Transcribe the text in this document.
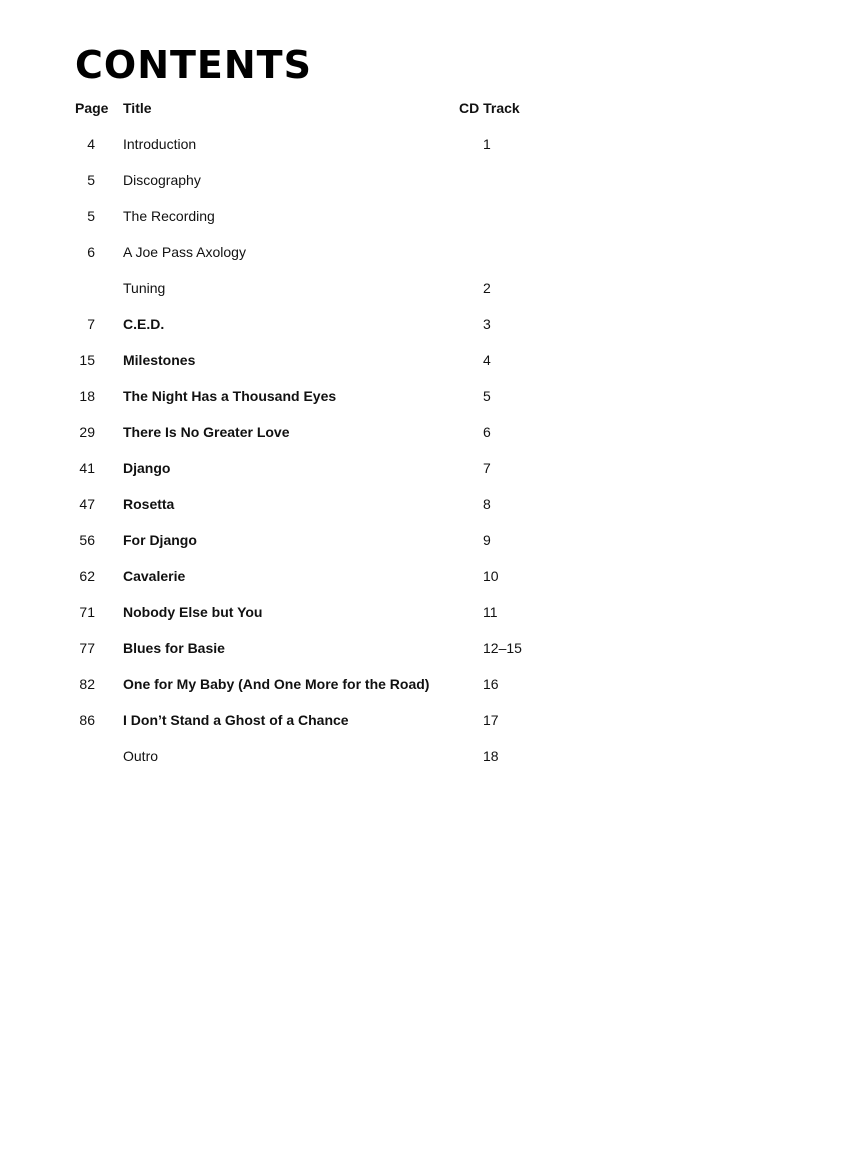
CONTENTS
Page Title	CD Track
4 Introduction	1
5 Discography
5 The Recording
6 A Joe Pass Axology
Tuning	2
7 C.E.D.	3
15 Milestones	4
18 The Night Has a Thousand Eyes	5
29 There Is No Greater Love	6
41 Django	7
47 Rosetta	8
56 For Django	9
62 Cavalerie	10
71 Nobody Else but You	11
77 Blues for Basie	12–15
82 One for My Baby (And One More for the Road)	16
86 I Don’t Stand a Ghost of a Chance	17
Outro	18
